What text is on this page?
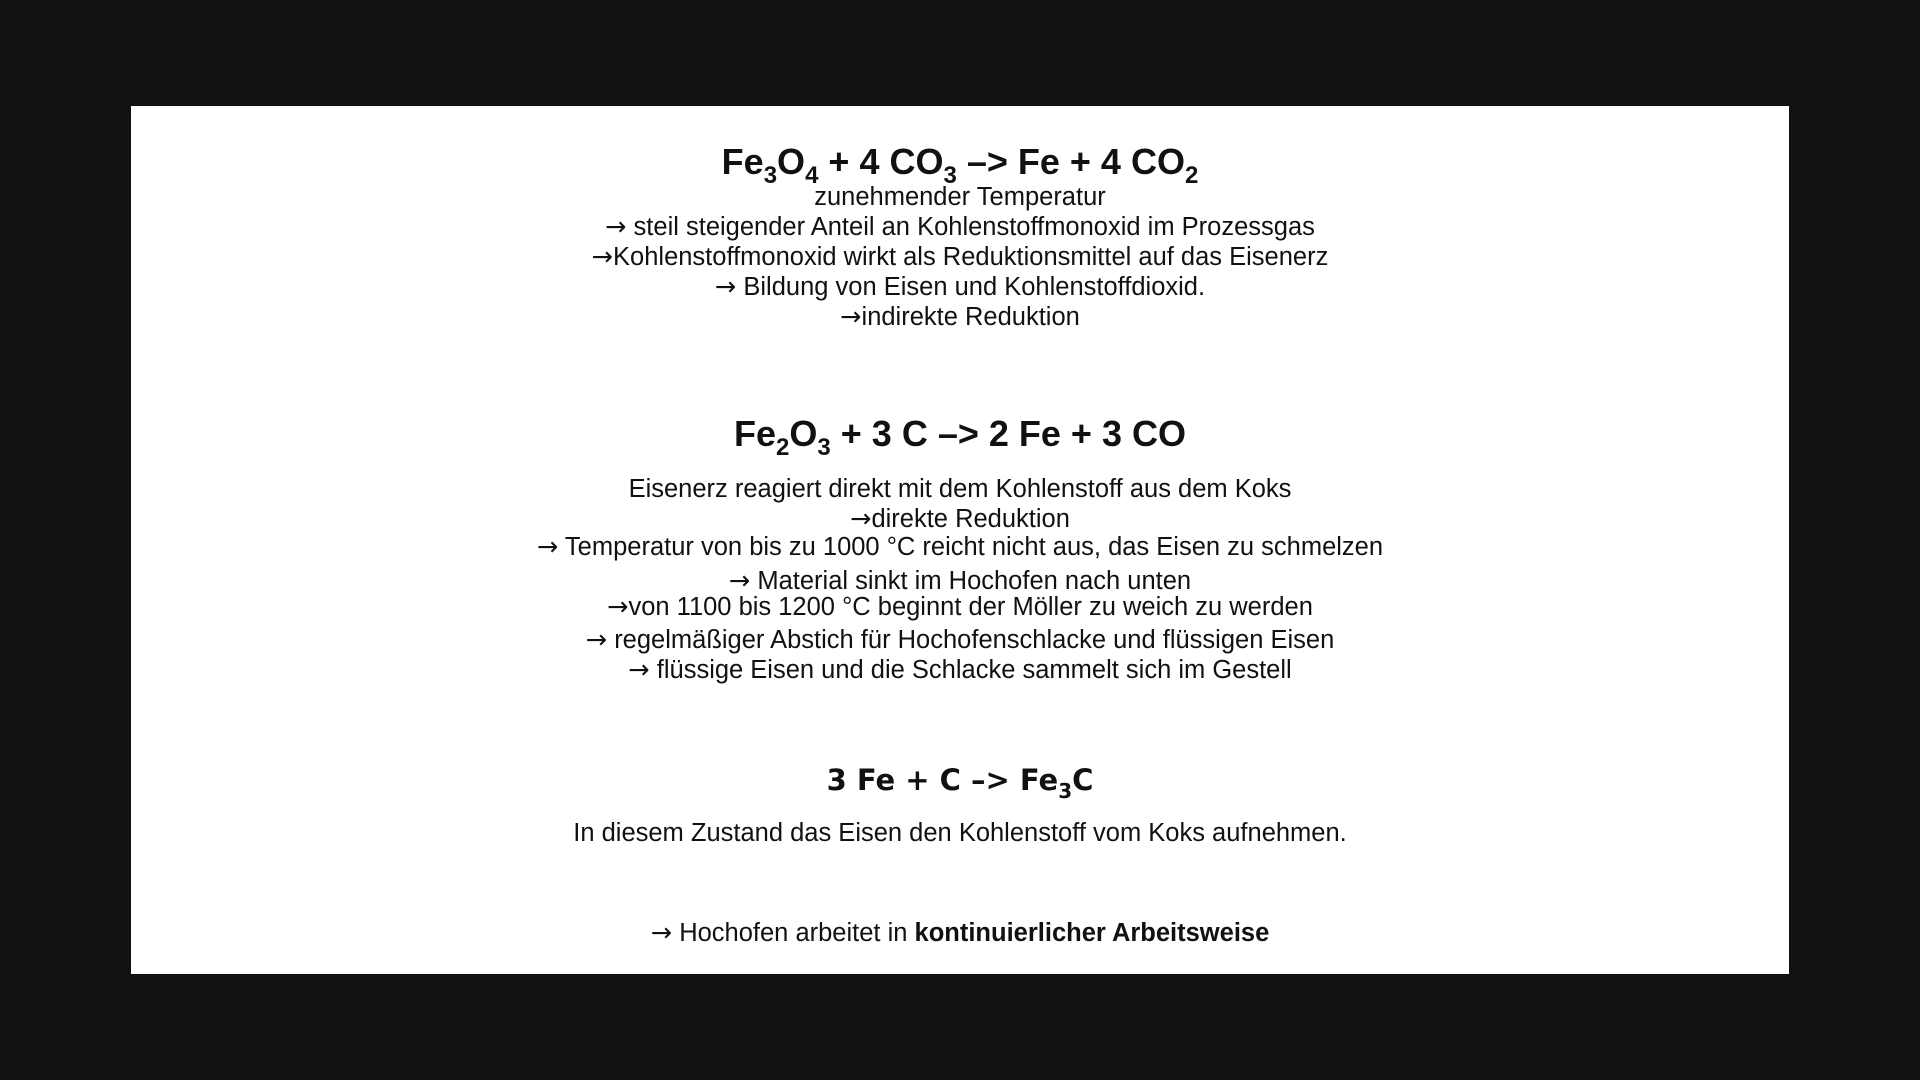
$Fe_3O_4 + 4$ $CO_3 -> Fe + 4$ $CO_2$
zunehmender Temperatur
→ steil steigender Anteil an Kohlenstoffmonoxid im Prozessgas
→Kohlenstoffmonoxid wirkt als Reduktionsmittel auf das Eisenerz
→ Bildung von Eisen und Kohlenstoffdioxid.
→indirekte Reduktion
$Fe_2O_3 + 3$ C –> 2 Fe + 3 CO
Eisenerz reagiert direkt mit dem Kohlenstoff aus dem Koks
→direkte Reduktion
→ Temperatur von bis zu 1000 °C reicht nicht aus, das Eisen zu schmelzen
→ Material sinkt im Hochofen nach unten
→von 1100 bis 1200 °C beginnt der Möller zu weich zu werden
→ regelmäßiger Abstich für Hochofenschlacke und flüssigen Eisen
→ flüssige Eisen und die Schlacke sammelt sich im Gestell
3 $Fe + C -> Fe_3C$
In diesem Zustand das Eisen den Kohlenstoff vom Koks aufnehmen.
→ Hochofen arbeitet in kontinuierlicher Arbeitsweise
